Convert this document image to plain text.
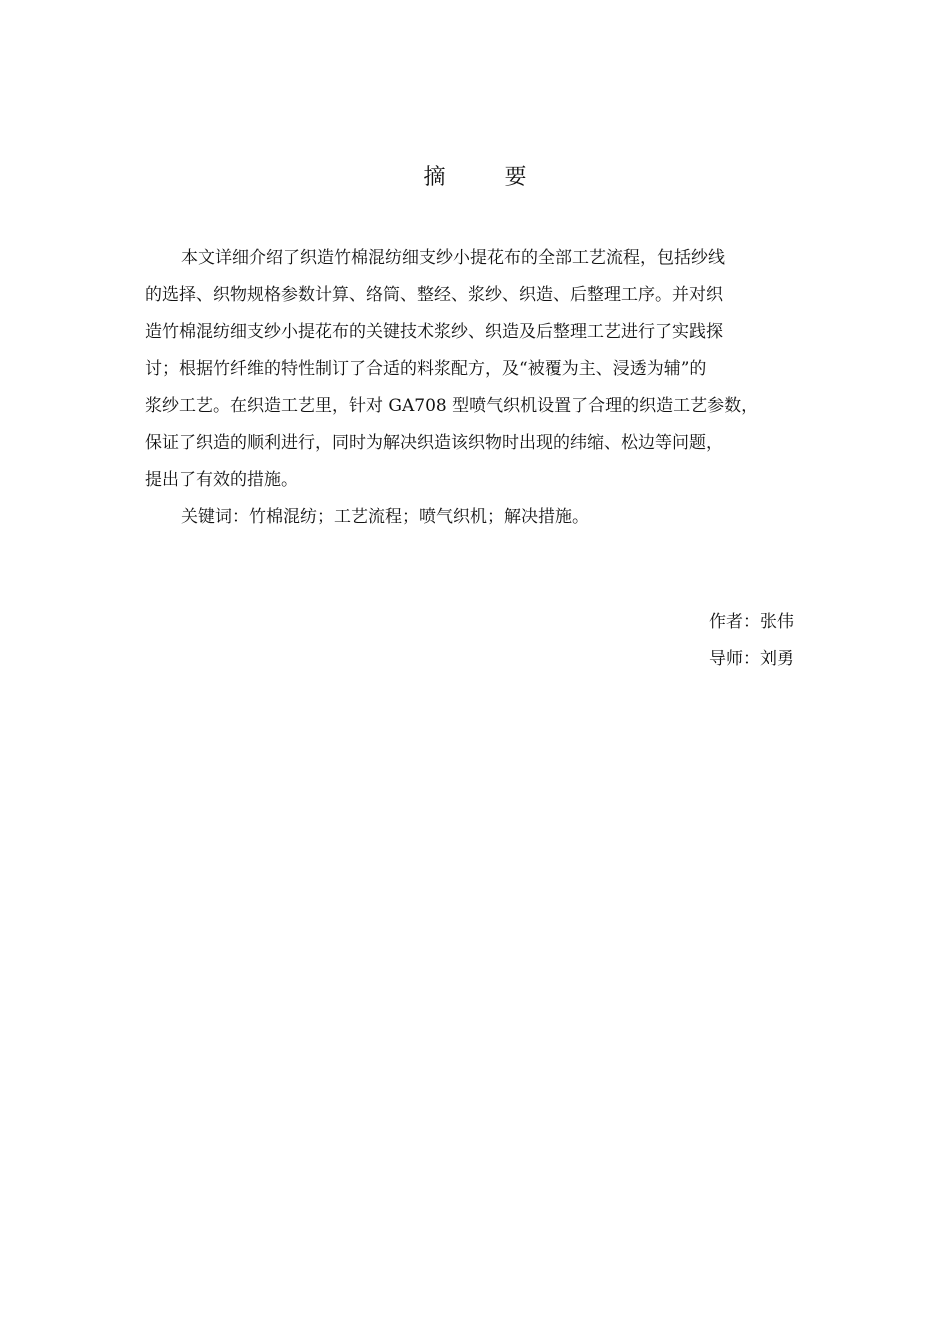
摘 要
本文详细介绍了织造竹棉混纺细支纱小提花布的全部工艺流程，包括纱线
的选择、织物规格参数计算、络筒、整经、浆纱、织造、后整理工序。并对织
造竹棉混纺细支纱小提花布的关键技术浆纱、织造及后整理工艺进行了实践探
讨；根据竹纤维的特性制订了合适的料浆配方，及“被覆为主、浸透为辅”的
浆纱工艺。在织造工艺里，针对 GA708 型喷气织机设置了合理的织造工艺参数，
保证了织造的顺利进行，同时为解决织造该织物时出现的纬缩、松边等问题，
提出了有效的措施。
关键词：竹棉混纺；工艺流程；喷气织机；解决措施。
作者：张伟
导师：刘勇
